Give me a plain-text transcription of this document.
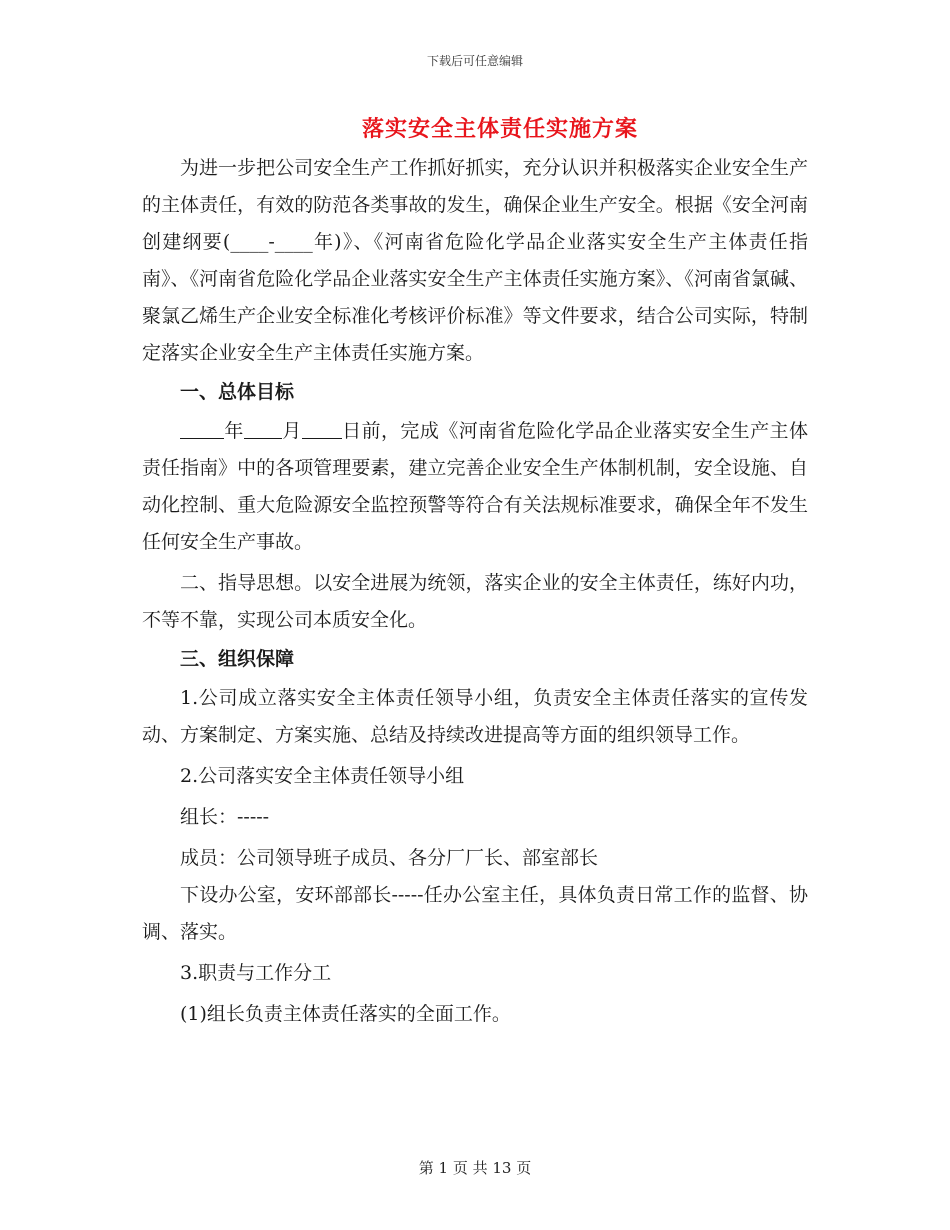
下载后可任意编辑
落实安全主体责任实施方案

为进一步把公司安全生产工作抓好抓实，充分认识并积极落实企业安全生产的主体责任，有效的防范各类事故的发生，确保企业生产安全。根据《安全河南创建纲要(____-____年)》、《河南省危险化学品企业落实安全生产主体责任指南》、《河南省危险化学品企业落实安全生产主体责任实施方案》、《河南省氯碱、聚氯乙烯生产企业安全标准化考核评价标准》等文件要求，结合公司实际，特制定落实企业安全生产主体责任实施方案。

一、总体目标

年 月 日前，完成《河南省危险化学品企业落实安全生产主体责任指南》中的各项管理要素，建立完善企业安全生产体制机制，安全设施、自动化控制、重大危险源安全监控预警等符合有关法规标准要求，确保全年不发生任何安全生产事故。

二、指导思想。以安全进展为统领，落实企业的安全主体责任，练好内功，不等不靠，实现公司本质安全化。

三、组织保障

1.公司成立落实安全主体责任领导小组，负责安全主体责任落实的宣传发动、方案制定、方案实施、总结及持续改进提高等方面的组织领导工作。

2.公司落实安全主体责任领导小组

组长：-----

成员：公司领导班子成员、各分厂厂长、部室部长

下设办公室，安环部部长-----任办公室主任，具体负责日常工作的监督、协调、落实。

3.职责与工作分工

(1)组长负责主体责任落实的全面工作。

第 1 页 共 13 页
